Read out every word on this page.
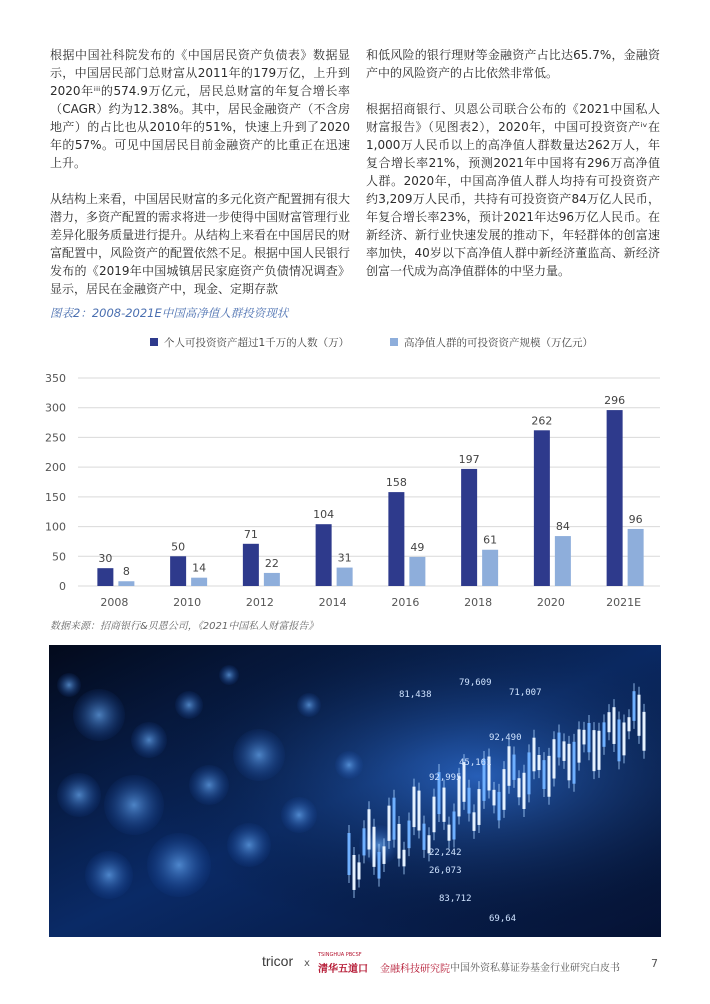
根据中国社科院发布的《中国居民资产负债表》数据显示，中国居民部门总财富从2011年的179万亿，上升到2020年ⁱⁱⁱ的574.9万亿元，居民总财富的年复合增长率（CAGR）约为12.38%。其中，居民金融资产（不含房地产）的占比也从2010年的51%，快速上升到了2020年的57%。可见中国居民目前金融资产的比重正在迅速上升。

从结构上来看，中国居民财富的多元化资产配置拥有很大潜力，多资产配置的需求将进一步使得中国财富管理行业差异化服务质量进行提升。从结构上来看在中国居民的财富配置中，风险资产的配置依然不足。根据中国人民银行发布的《2019年中国城镇居民家庭资产负债情况调查》显示，居民在金融资产中，现金、定期存款

和低风险的银行理财等金融资产占比达65.7%，金融资产中的风险资产的占比依然非常低。

根据招商银行、贝恩公司联合公布的《2021中国私人财富报告》（见图表2），2020年，中国可投资资产ⁱᵛ在1,000万人民币以上的高净值人群数量达262万人，年复合增长率21%，预测2021年中国将有296万高净值人群。2020年，中国高净值人群人均持有可投资资产约3,209万人民币，共持有可投资资产84万亿人民币，年复合增长率23%，预计2021年达96万亿人民币。在新经济、新行业快速发展的推动下，年轻群体的创富速率加快，40岁以下高净值人群中新经济董监高、新经济创富一代成为高净值群体的中坚力量。

图表2：2008-2021E中国高净值人群投资现状
0
50
100
150
200
250
300
350
个人可投资资产超过1千万的人数（万）	高净值人群的可投资资产规模（万亿元）
30
8
2008
50
14
2010
71
22
2012
104
31
2014
158
49
2016
197
61
2018
262
84
2020
296
96
2021E
数据来源：招商银行&贝恩公司，《2021中国私人财富报告》
79,609
81,438	71,007
92,490
45,161
92,995
22,242
26,073
83,712
69,64
tricor x
TSINGHUA PBCSF
清华五道口 金融科技研究院 中国外资私募证券基金行业研究白皮书	7
